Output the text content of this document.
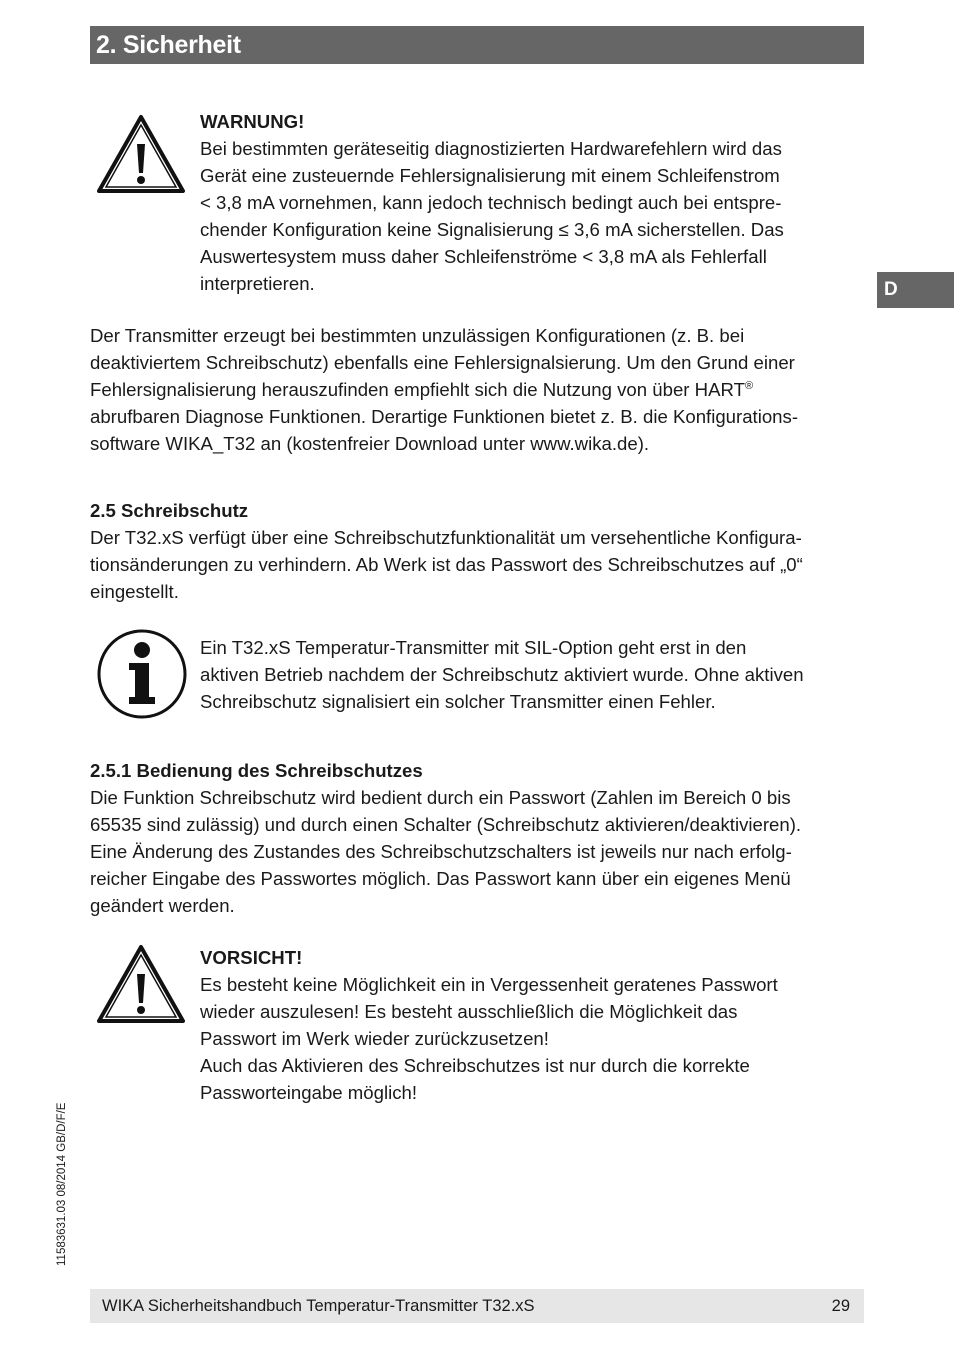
2. Sicherheit
D
WARNUNG!
Bei bestimmten geräteseitig diagnostizierten Hardwarefehlern wird das
Gerät eine zusteuernde Fehlersignalisierung mit einem Schleifenstrom
< 3,8 mA vornehmen, kann jedoch technisch bedingt auch bei entspre-
chender Konfiguration keine Signalisierung ≤ 3,6 mA sicherstellen. Das
Auswertesystem muss daher Schleifenströme < 3,8 mA als Fehlerfall
interpretieren.
Der Transmitter erzeugt bei bestimmten unzulässigen Konfigurationen (z. B. bei
deaktiviertem Schreibschutz) ebenfalls eine Fehlersignalsierung. Um den Grund einer
Fehlersignalisierung herauszufinden empfiehlt sich die Nutzung von über HART®
abrufbaren Diagnose Funktionen. Derartige Funktionen bietet z. B. die Konfigurations-
software WIKA_T32 an (kostenfreier Download unter www.wika.de).
2.5 Schreibschutz
Der T32.xS verfügt über eine Schreibschutzfunktionalität um versehentliche Konfigura-
tionsänderungen zu verhindern. Ab Werk ist das Passwort des Schreibschutzes auf „0“
eingestellt.
Ein T32.xS Temperatur-Transmitter mit SIL-Option geht erst in den
aktiven Betrieb nachdem der Schreibschutz aktiviert wurde. Ohne aktiven
Schreibschutz signalisiert ein solcher Transmitter einen Fehler.
2.5.1 Bedienung des Schreibschutzes
Die Funktion Schreibschutz wird bedient durch ein Passwort (Zahlen im Bereich 0 bis
65535 sind zulässig) und durch einen Schalter (Schreibschutz aktivieren/deaktivieren).
Eine Änderung des Zustandes des Schreibschutzschalters ist jeweils nur nach erfolg-
reicher Eingabe des Passwortes möglich. Das Passwort kann über ein eigenes Menü
geändert werden.
VORSICHT!
Es besteht keine Möglichkeit ein in Vergessenheit geratenes Passwort
wieder auszulesen! Es besteht ausschließlich die Möglichkeit das
Passwort im Werk wieder zurückzusetzen!
Auch das Aktivieren des Schreibschutzes ist nur durch die korrekte
Passworteingabe möglich!
11583631.03 08/2014 GB/D/F/E
WIKA Sicherheitshandbuch Temperatur-Transmitter T32.xS	29
